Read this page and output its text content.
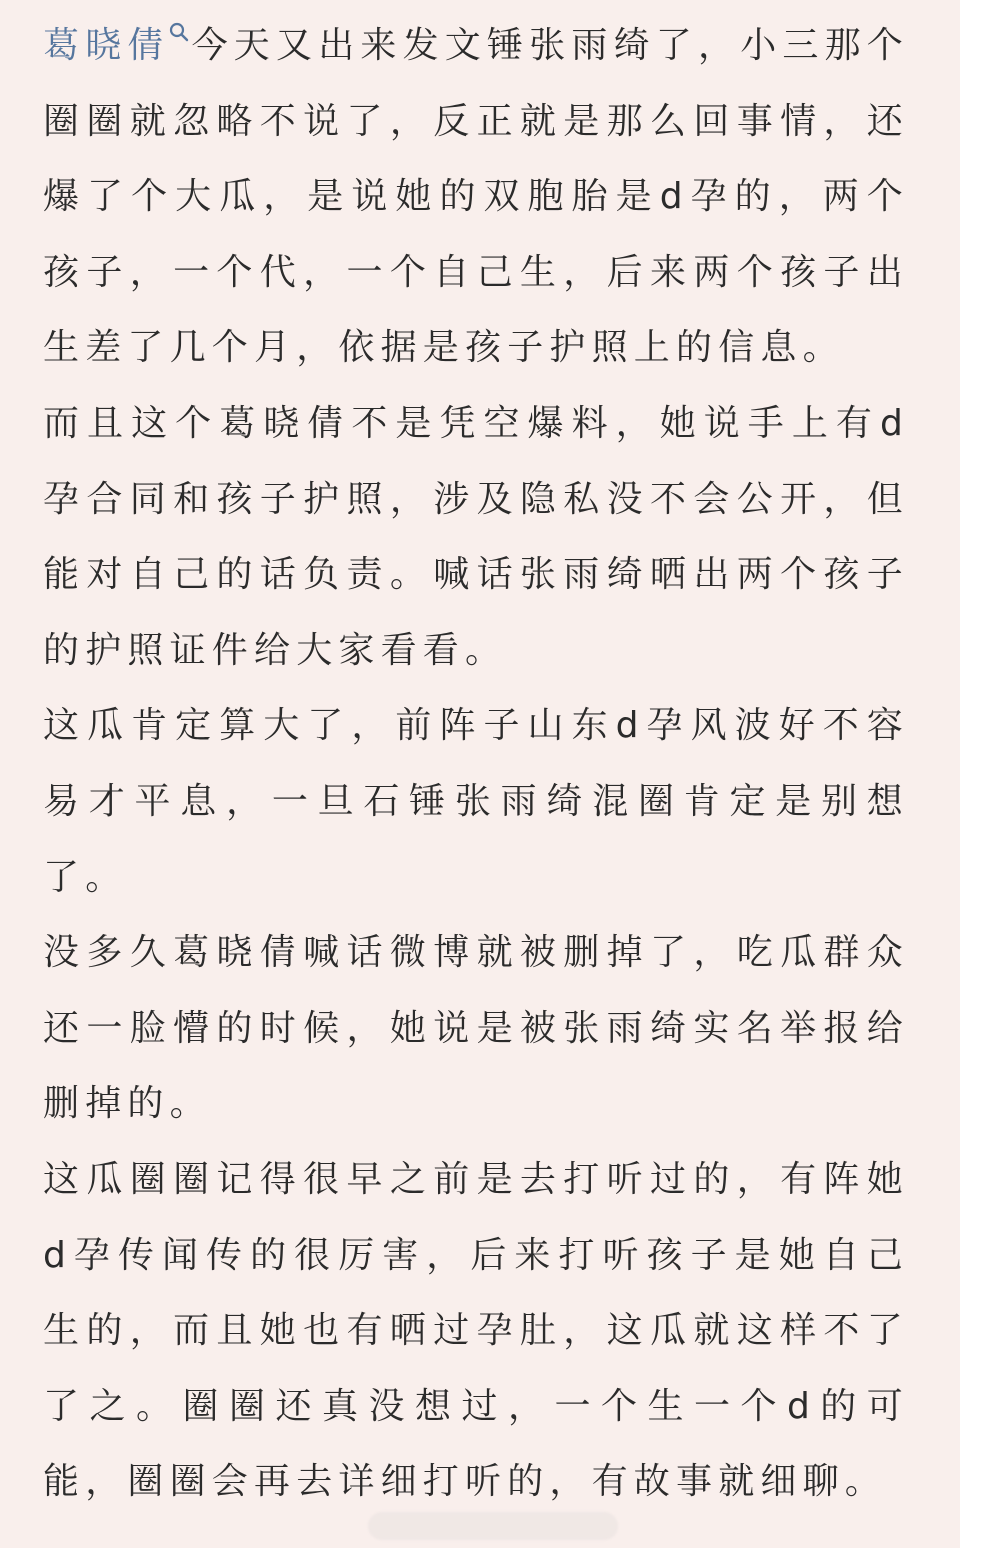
葛晓倩 今天又出来发文锤张雨绮了，小三那个圈圈就忽略不说了，反正就是那么回事情，还爆了个大瓜，是说她的双胞胎是d孕的，两个孩子，一个代，一个自己生，后来两个孩子出生差了几个月，依据是孩子护照上的信息。

而且这个葛晓倩不是凭空爆料，她说手上有d孕合同和孩子护照，涉及隐私没不会公开，但能对自己的话负责。喊话张雨绮晒出两个孩子的护照证件给大家看看。

这瓜肯定算大了，前阵子山东d孕风波好不容易才平息，一旦石锤张雨绮混圈肯定是别想了。

没多久葛晓倩喊话微博就被删掉了，吃瓜群众还一脸懵的时候，她说是被张雨绮实名举报给删掉的。

这瓜圈圈记得很早之前是去打听过的，有阵她d孕传闻传的很厉害，后来打听孩子是她自己生的，而且她也有晒过孕肚，这瓜就这样不了了之。圈圈还真没想过，一个生一个d的可能，圈圈会再去详细打听的，有故事就细聊。
